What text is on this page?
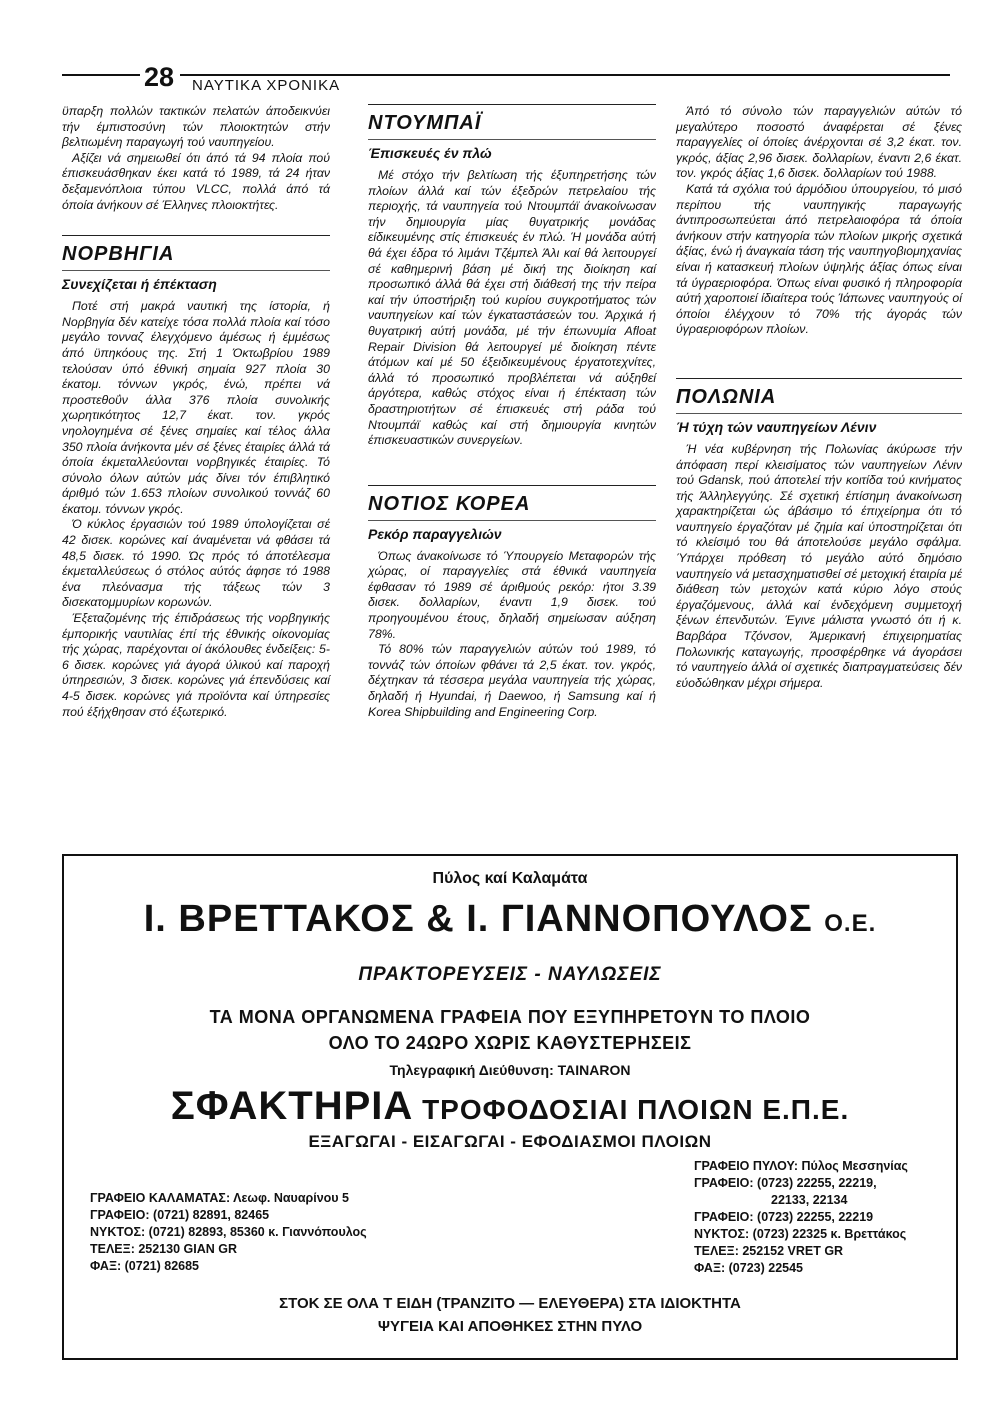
28	ΝΑΥΤΙΚΑ ΧΡΟΝΙΚΑ

ϋπαρξη πολλών τακτικών πελατών άποδεικνύει τήν έμπιστοσύνη τών πλοιοκτητών στήν βελτιωμένη παραγωγή τού ναυπηγείου.

Αξίζει νά σημειωθεί ότι άπό τά 94 πλοία πού έπισκευάσθηκαν έκει κατά τό 1989, τά 24 ήταν δεξαμενόπλοια τύπου VLCC, πολλά άπό τά όποία άνήκουν σέ Έλληνες πλοιοκτήτες.

ΝΟΡΒΗΓΙΑ
Συνεχίζεται ή έπέκταση

Ποτέ στή μακρά ναυτική της ίστορία, ή Νορβηγία δέν κατείχε τόσα πολλά πλοία καί τόσο μεγάλο τονναζ έλεγχόμενο άμέσως ή έμμέσως άπό ϋπηκόους της. Στή 1 Όκτωβρίου 1989 τελούσαν ύπό έθνική σημαία 927 πλοία 30 έκατομ. τόννων γκρός, ένώ, πρέπει νά προστεθοΰν άλλα 376 πλοία συνολικής χωρητικότητος 12,7 έκατ. τον. γκρός νηολογημένα σέ ξένες σημαίες καί τέλος άλλα 350 πλοία άνήκοντα μέν σέ ξένες έταιρίες άλλά τά όποία έκμεταλλεύονται νορβηγικές έταιρίες. Τό σύνολο όλων αύτών μάς δίνει τόν έπιβλητικό άριθμό τών 1.653 πλοίων συνολικού τοννάζ 60 έκατομ. τόννων γκρός.

Ό κύκλος έργασιών τού 1989 ύπολογίζεται σέ 42 δισεκ. κορώνες καί άναμένεται νά φθάσει τά 48,5 δισεκ. τό 1990. Ώς πρός τό άποτέλεσμα έκμεταλλεύσεως ό στόλος αύτός άφησε τό 1988 ένα πλεόνασμα τής τάξεως τών 3 δισεκατομμυρίων κορωνών.

Έξεταζομένης τής έπιδράσεως τής νορβηγικής έμπορικής ναυτιλίας έπί τής έθνικής οίκονομίας τής χώρας, παρέχονται οί άκόλουθες ένδείξεις: 5-6 δισεκ. κορώνες γιά άγορά ύλικού καί παροχή ύπηρεσιών, 3 δισεκ. κορώνες γιά έπενδύσεις καί 4-5 δισεκ. κορώνες γιά προϊόντα καί ύπηρεσίες πού έξήχθησαν στό έξωτερικό.

ΝΤΟΥΜΠΑΪ
Έπισκευές έν πλώ

Μέ στόχο τήν βελτίωση τής έξυπηρετήσης τών πλοίων άλλά καί τών έξεδρών πετρελαίου τής περιοχής, τά ναυπηγεία τού Ντουμπάϊ άνακοίνωσαν τήν δημιουργία μίας θυγατρικής μονάδας είδικευμένης στίς έπισκευές έν πλώ. Ή μονάδα αύτή θά έχει έδρα τό λιμάνι Τζέμπελ Άλι καί θά λειτουργεί σέ καθημερινή βάση μέ δική της διοίκηση καί προσωπικό άλλά θά έχει στή διάθεσή της τήν πείρα καί τήν ύποστήριξη τού κυρίου συγκροτήματος τών ναυπηγείων καί τών έγκαταστάσεών του. Άρχικά ή θυγατρική αύτή μονάδα, μέ τήν έπωνυμία Afloat Repair Division θά λειτουργεί μέ διοίκηση πέντε άτόμων καί μέ 50 έξειδικευμένους έργατοτεχνίτες, άλλά τό προσωπικό προβλέπεται νά αύξηθεί άργότερα, καθώς στόχος είναι ή έπέκταση τών δραστηριοτήτων σέ έπισκευές στή ράδα τού Ντουμπάϊ καθώς καί στή δημιουργία κινητών έπισκευαστικών συνεργείων.

ΝΟΤΙΟΣ ΚΟΡΕΑ
Ρεκόρ παραγγελιών

Όπως άνακοίνωσε τό Ύπουργείο Μεταφορών τής χώρας, οί παραγγελίες στά έθνικά ναυπηγεία έφθασαν τό 1989 σέ άριθμούς ρεκόρ: ήτοι 3.39 δισεκ. δολλαρίων, έναντι 1,9 δισεκ. τού προηγουμένου έτους, δηλαδή σημείωσαν αύξηση 78%.

Τό 80% τών παραγγελιών αύτών τού 1989, τό τοννάζ τών όποίων φθάνει τά 2,5 έκατ. τον. γκρός, δέχτηκαν τά τέσσερα μεγάλα ναυπηγεία τής χώρας, δηλαδή ή Hyundai, ή Daewoo, ή Samsung καί ή Korea Shipbuilding and Engineering Corp.

Άπό τό σύνολο τών παραγγελιών αύτών τό μεγαλύτερο ποσοστό άναφέρεται σέ ξένες παραγγελίες οί όποίες άνέρχονται σέ 3,2 έκατ. τον. γκρός, άξίας 2,96 δισεκ. δολλαρίων, έναντι 2,6 έκατ. τον. γκρός άξίας 1,6 δισεκ. δολλαρίων τού 1988.

Κατά τά σχόλια τού άρμόδιου ύπουργείου, τό μισό περίπου τής ναυπηγικής παραγωγής άντιπροσωπεύεται άπό πετρελαιοφόρα τά όποία άνήκουν στήν κατηγορία τών πλοίων μικρής σχετικά άξίας, ένώ ή άναγκαία τάση τής ναυπηγοβιομηχανίας είναι ή κατασκευή πλοίων ύψηλής άξίας όπως είναι τά ύγραεριοφόρα. Όπως είναι φυσικό ή πληροφορία αύτή χαροποιεί ίδιαίτερα τούς Ίάπωνες ναυπηγούς οί όποίοι έλέγχουν τό 70% τής άγοράς τών ύγραεριοφόρων πλοίων.

ΠΟΛΩΝΙΑ
Ή τύχη τών ναυπηγείων Λένιν

Ή νέα κυβέρνηση τής Πολωνίας άκύρωσε τήν άπόφαση περί κλεισίματος τών ναυπηγείων Λένιν τού Gdansk, πού άποτελεί τήν κοιτίδα τού κινήματος τής Άλληλεγγύης. Σέ σχετική έπίσημη άνακοίνωση χαρακτηρίζεται ώς άβάσιμο τό έπιχείρημα ότι τό ναυπηγείο έργαζόταν μέ ζημία καί ύποστηρίζεται ότι τό κλείσιμό του θά άποτελούσε μεγάλο σφάλμα. Ύπάρχει πρόθεση τό μεγάλο αύτό δημόσιο ναυπηγείο νά μετασχηματισθεί σέ μετοχική έταιρία μέ διάθεση τών μετοχών κατά κύριο λόγο στούς έργαζόμενους, άλλά καί ένδεχόμενη συμμετοχή ξένων έπενδυτών. Έγινε μάλιστα γνωστό ότι ή κ. Βαρβάρα Τζόνσον, Άμερικανή έπιχειρηματίας Πολωνικής καταγωγής, προσφέρθηκε νά άγοράσει τό ναυπηγείο άλλά οί σχετικές διαπραγματεύσεις δέν εύοδώθηκαν μέχρι σήμερα.

Πύλος καί Καλαμάτα
Ι. ΒΡΕΤΤΑΚΟΣ & Ι. ΓΙΑΝΝΟΠΟΥΛΟΣ Ο.Ε.
ΠΡΑΚΤΟΡΕΥΣΕΙΣ - ΝΑΥΛΩΣΕΙΣ
ΤΑ ΜΟΝΑ ΟΡΓΑΝΩΜΕΝΑ ΓΡΑΦΕΙΑ ΠΟΥ ΕΞΥΠΗΡΕΤΟΥΝ ΤΟ ΠΛΟΙΟ
ΟΛΟ ΤΟ 24ΩΡΟ ΧΩΡΙΣ ΚΑΘΥΣΤΕΡΗΣΕΙΣ
Τηλεγραφική Διεύθυνση: TAINARON
ΣΦΑΚΤΗΡΙΑ ΤΡΟΦΟΔΟΣΙΑΙ ΠΛΟΙΩΝ Ε.Π.Ε.
ΕΞΑΓΩΓΑΙ - ΕΙΣΑΓΩΓΑΙ - ΕΦΟΔΙΑΣΜΟΙ ΠΛΟΙΩΝ
ΓΡΑΦΕΙΟ ΠΥΛΟΥ: Πύλος Μεσσηνίας
ΓΡΑΦΕΙΟ: (0723) 22255, 22219,
22133, 22134
ΓΡΑΦΕΙΟ: (0723) 22255, 22219
ΝΥΚΤΟΣ: (0723) 22325 κ. Βρεττάκος
ΤΕΛΕΞ: 252152 VRET GR
ΦΑΞ: (0723) 22545
ΓΡΑΦΕΙΟ ΚΑΛΑΜΑΤΑΣ: Λεωφ. Ναυαρίνου 5
ΓΡΑΦΕΙΟ: (0721) 82891, 82465
ΝΥΚΤΟΣ: (0721) 82893, 85360 κ. Γιαννόπουλος
ΤΕΛΕΞ: 252130 GIAN GR
ΦΑΞ: (0721) 82685
ΣΤΟΚ ΣΕ ΟΛΑ Τ ΕΙΔΗ (ΤΡΑΝΖΙΤΟ — ΕΛΕΥΘΕΡΑ) ΣΤΑ ΙΔΙΟΚΤΗΤΑ
ΨΥΓΕΙΑ ΚΑΙ ΑΠΟΘΗΚΕΣ ΣΤΗΝ ΠΥΛΟ
